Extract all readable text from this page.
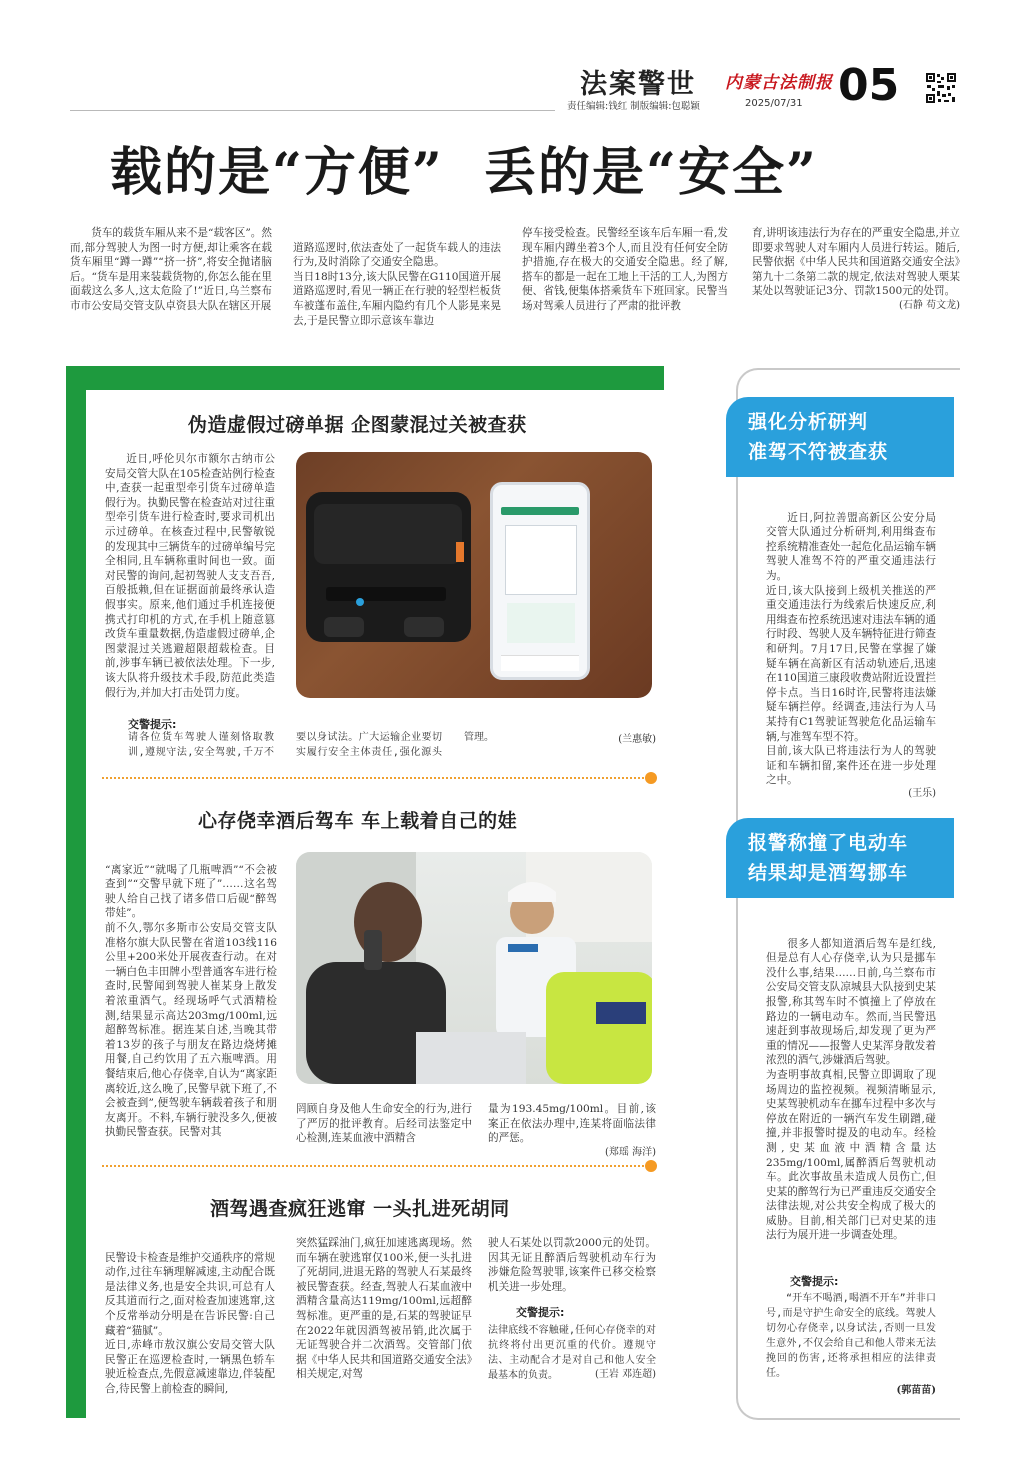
法案警世 内蒙古法制报
责任编辑:钱红 制版编辑:包聪颖	2025/07/31 05
载的是“方便”  丢的是“安全”

货车的载货车厢从来不是“载客区”。然而,部分驾驶人为图一时方便,却让乘客在载货车厢里“蹲一蹲”“挤一挤”,将安全抛诸脑后。“货车是用来装载货物的,你怎么能在里面载这么多人,这太危险了!”近日,乌兰察布市市公安局交管支队卓资县大队在辖区开展

道路巡逻时,依法查处了一起货车载人的违法行为,及时消除了交通安全隐患。
当日18时13分,该大队民警在G110国道开展道路巡逻时,看见一辆正在行驶的轻型栏板货车被蓬布盖住,车厢内隐约有几个人影晃来晃去,于是民警立即示意该车靠边

停车接受检查。民警经至该车后车厢一看,发现车厢内蹲坐着3个人,而且没有任何安全防护措施,存在极大的交通安全隐患。经了解,搭车的都是一起在工地上干活的工人,为图方便、省钱,便集体搭乘货车下班回家。民警当场对驾乘人员进行了严肃的批评教

育,讲明该违法行为存在的严重安全隐患,并立即要求驾驶人对车厢内人员进行转运。随后,民警依据《中华人民共和国道路交通安全法》第九十二条第二款的规定,依法对驾驶人栗某某处以驾驶证记3分、罚款1500元的处罚。

(石静 苟文龙)
伪造虚假过磅单据 企图蒙混过关被查获

近日,呼伦贝尔市额尔古纳市公安局交管大队在105检查站例行检查中,查获一起重型牵引货车过磅单造假行为。执勤民警在检查站对过往重型牵引货车进行检查时,要求司机出示过磅单。在核查过程中,民警敏锐的发现其中三辆货车的过磅单编号完全相同,且车辆称重时间也一致。面对民警的询问,起初驾驶人支支吾吾,百般抵赖,但在证据面前最终承认造假事实。原来,他们通过手机连接便携式打印机的方式,在手机上随意篡改货车重量数据,伪造虚假过磅单,企图蒙混过关逃避超限超载检查。目前,涉事车辆已被依法处理。下一步,该大队将升级技术手段,防范此类造假行为,并加大打击处罚力度。

交警提示:
请各位货车驾驶人谨刻恪取教训,遵规守法,安全驾驶,千万不要以身试法。广大运输企业要切实履行安全主体责任,强化源头管理。	(兰惠敏)
心存侥幸酒后驾车 车上载着自己的娃

“离家近”“就喝了几瓶啤酒”“不会被查到”“交警早就下班了”……这名驾驶人给自己找了诸多借口后砚“醉驾带娃”。
前不久,鄂尔多斯市公安局交管支队准格尔旗大队民警在省道103线116公里+200米处开展夜查行动。在对一辆白色丰田牌小型普通客车进行检查时,民警闻到驾驶人崔某身上散发着浓重酒气。经现场呼气式酒精检测,结果显示高达203mg/100ml,远超醉驾标准。据连某自述,当晚其带着13岁的孩子与朋友在路边烧烤摊用餐,自己约饮用了五六瓶啤酒。用餐结束后,他心存侥幸,自认为“离家距离较近,这么晚了,民警早就下班了,不会被查到”,便驾驶车辆载着孩子和朋友离开。不料,车辆行驶没多久,便被执勤民警查获。民警对其

罔顾自身及他人生命安全的行为,进行了严厉的批评教育。后经司法鉴定中心检测,连某血液中酒精含

量为193.45mg/100ml。目前,该案正在依法办理中,连某将面临法律的严惩。

(郑瑶 海洋)
酒驾遇查疯狂逃窜 一头扎进死胡同

民警设卡检查是维护交通秩序的常规动作,过往车辆理解减速,主动配合既是法律义务,也是安全共识,可总有人反其道而行之,面对检查加速逃窜,这个反常举动分明是在告诉民警:自己藏着“猫腻”。
近日,赤峰市敖汉旗公安局交管大队民警正在巡逻检查时,一辆黑色轿车驶近检查点,先假意减速靠边,伴装配合,待民警上前检查的瞬间,

突然猛踩油门,疯狂加速逃离现场。然而车辆在驶逃窜仅100米,便一头扎进了死胡同,进退无路的驾驶人石某最终被民警查获。经查,驾驶人石某血液中酒精含量高达119mg/100ml,远超醉驾标准。更严重的是,石某的驾驶证早在2022年就因酒驾被吊销,此次属于无证驾驶合并二次酒驾。交管部门依据《中华人民共和国道路交通安全法》相关规定,对驾

驶人石某处以罚款2000元的处罚。因其无证且醉酒后驾驶机动车行为涉嫌危险驾驶罪,该案件已移交检察机关进一步处理。

交警提示:
法律底线不容触碰,任何心存侥幸的对抗终将付出更沉重的代价。遵规守法、主动配合才是对自己和他人安全最基本的负责。	(王岩 邓连超)
强化分析研判
准驾不符被查获

近日,阿拉善盟高新区公安分局交管大队通过分析研判,利用缉查布控系统精准查处一起危化品运输车辆驾驶人准驾不符的严重交通违法行为。
近日,该大队接到上级机关推送的严重交通违法行为线索后快速反应,利用缉查布控系统迅速对违法车辆的通行时段、驾驶人及车辆特征进行筛查和研判。7月17日,民警在掌握了嫌疑车辆在高新区有活动轨迹后,迅速在110国道三康段收费站附近设置拦停卡点。当日16时许,民警将违法嫌疑车辆拦停。经调查,违法行为人马某持有C1驾驶证驾驶危化品运输车辆,与准驾车型不符。
目前,该大队已将违法行为人的驾驶证和车辆扣留,案件还在进一步处理之中。

(王乐)

报警称撞了电动车
结果却是酒驾挪车

很多人都知道酒后驾车是红线,但是总有人心存侥幸,认为只是挪车没什么事,结果……日前,乌兰察布市公安局交管支队凉城县大队接到史某报警,称其驾车时不慎撞上了停放在路边的一辆电动车。然而,当民警迅速赶到事故现场后,却发现了更为严重的情况——报警人史某浑身散发着浓烈的酒气,涉嫌酒后驾驶。
为查明事故真相,民警立即调取了现场周边的监控视频。视频清晰显示,史某驾驶机动车在挪车过程中多次与停放在附近的一辆汽车发生刷蹭,碰撞,并非报警时提及的电动车。经检测,史某血液中酒精含量达235mg/100ml,属醉酒后驾驶机动车。此次事故虽未造成人员伤亡,但史某的醉驾行为已严重违反交通安全法律法规,对公共安全构成了极大的威胁。目前,相关部门已对史某的违法行为展开进一步调查处理。

交警提示:
“开车不喝酒,喝酒不开车”并非口号,而是守护生命安全的底线。驾驶人切勿心存侥幸,以身试法,否则一旦发生意外,不仅会给自己和他人带来无法挽回的伤害,还将承担相应的法律责任。
(郭苗苗)
